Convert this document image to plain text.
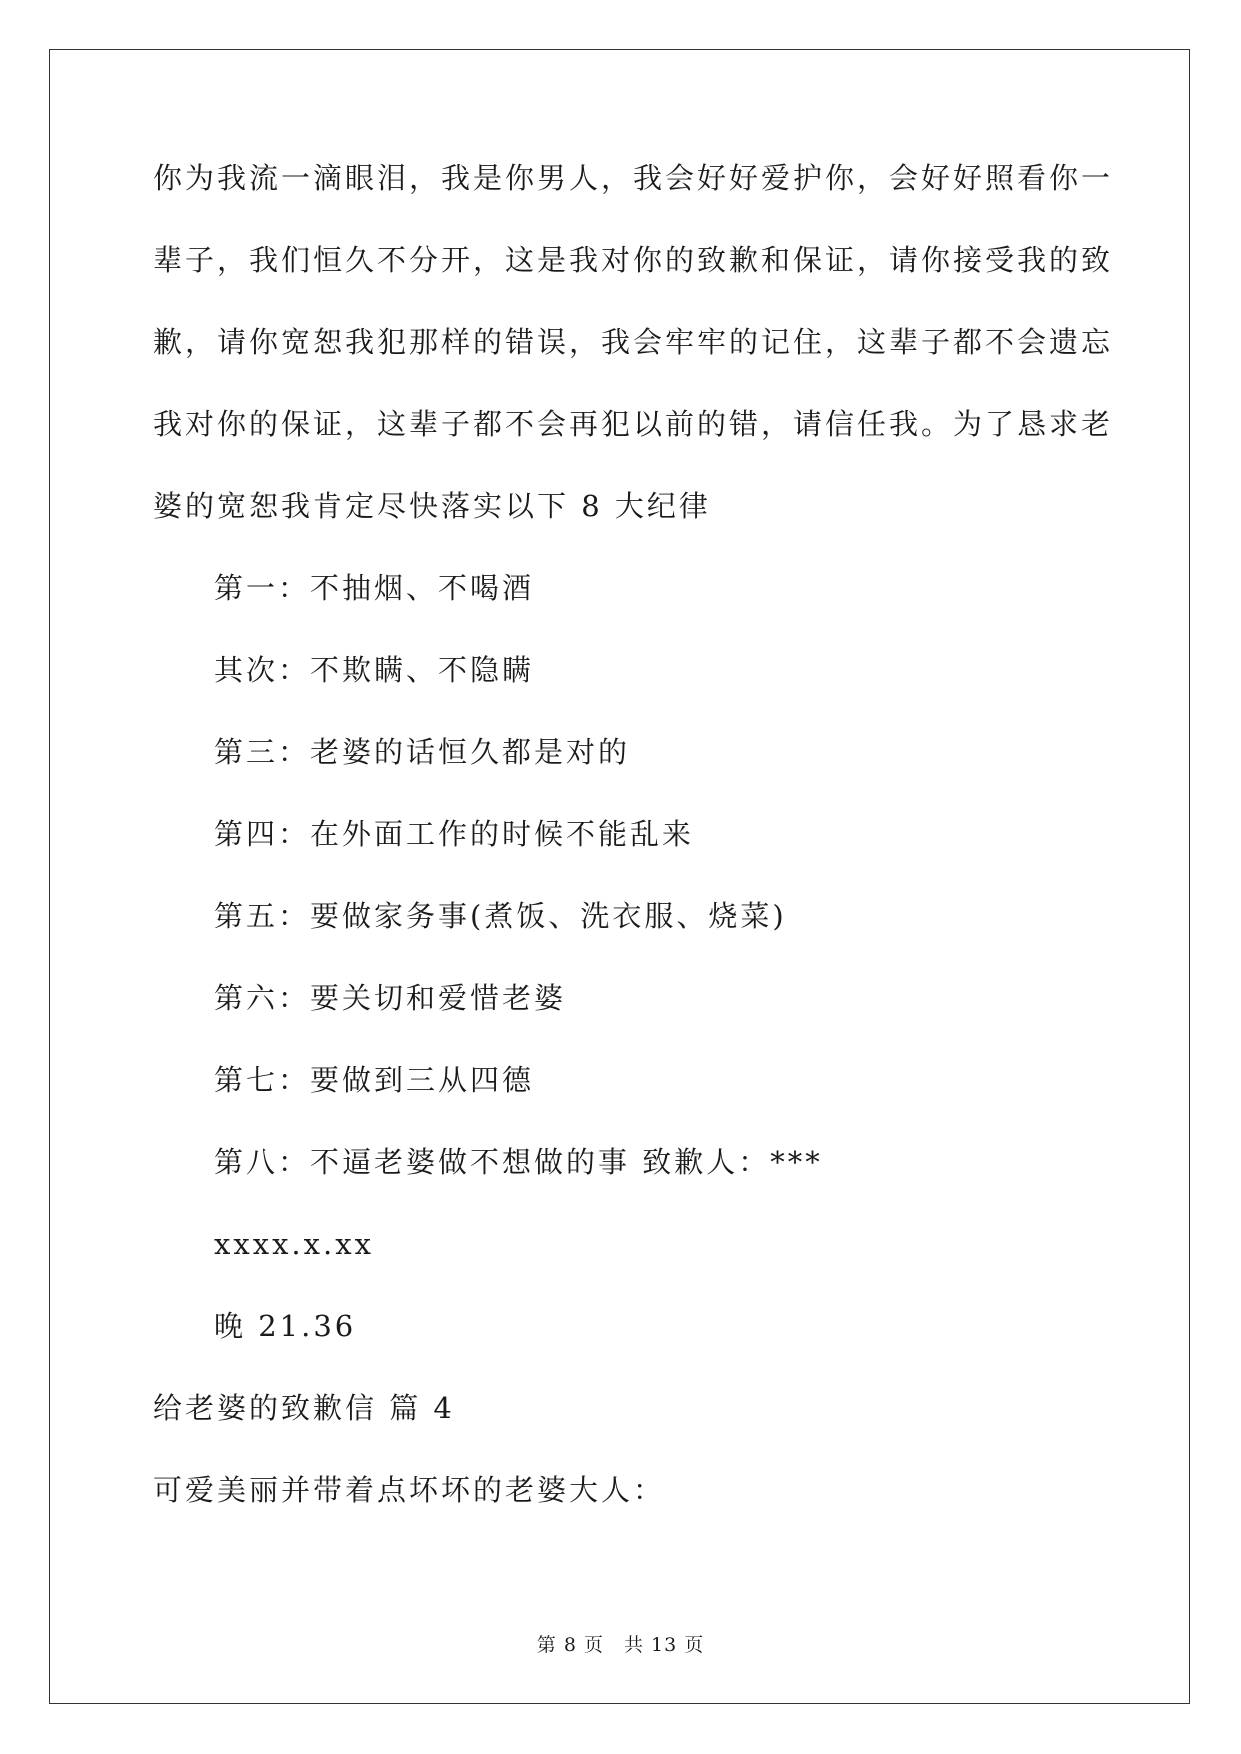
你为我流一滴眼泪，我是你男人，我会好好爱护你，会好好照看你一
辈子，我们恒久不分开，这是我对你的致歉和保证，请你接受我的致
歉，请你宽恕我犯那样的错误，我会牢牢的记住，这辈子都不会遗忘
我对你的保证，这辈子都不会再犯以前的错，请信任我。为了恳求老
婆的宽恕我肯定尽快落实以下 8 大纪律
第一：不抽烟、不喝酒
其次：不欺瞒、不隐瞒
第三：老婆的话恒久都是对的
第四：在外面工作的时候不能乱来
第五：要做家务事(煮饭、洗衣服、烧菜)
第六：要关切和爱惜老婆
第七：要做到三从四德
第八：不逼老婆做不想做的事 致歉人：***
xxxx.x.xx
晚 21.36
给老婆的致歉信 篇 4
可爱美丽并带着点坏坏的老婆大人：
第 8 页　共 13 页
